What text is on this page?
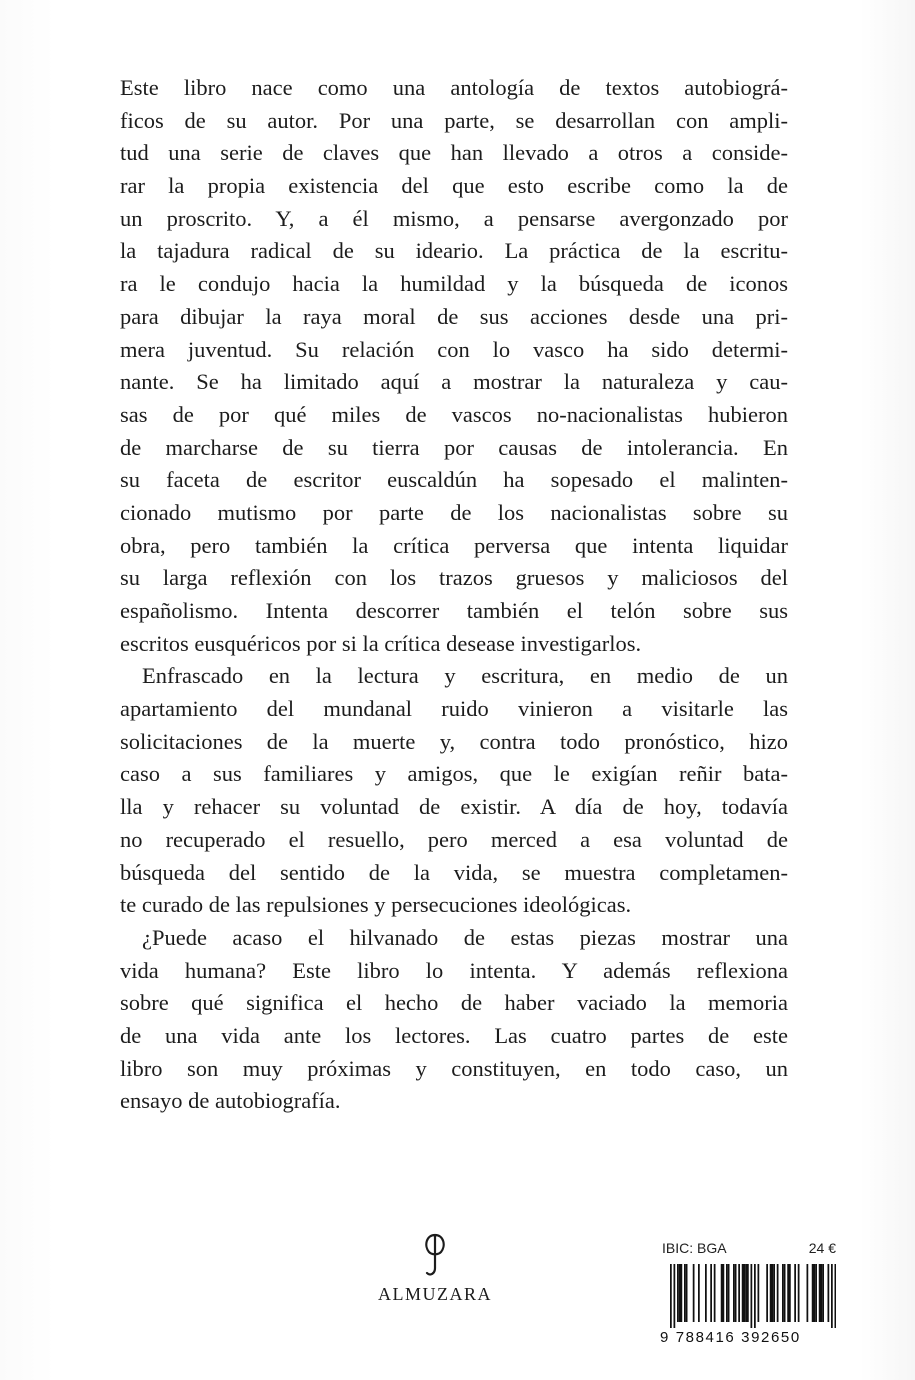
Este libro nace como una antología de textos autobiográ-
ficos de su autor. Por una parte, se desarrollan con ampli-
tud una serie de claves que han llevado a otros a conside-
rar la propia existencia del que esto escribe como la de
un proscrito. Y, a él mismo, a pensarse avergonzado por
la tajadura radical de su ideario. La práctica de la escritu-
ra le condujo hacia la humildad y la búsqueda de iconos
para dibujar la raya moral de sus acciones desde una pri-
mera juventud. Su relación con lo vasco ha sido determi-
nante. Se ha limitado aquí a mostrar la naturaleza y cau-
sas de por qué miles de vascos no-nacionalistas hubieron
de marcharse de su tierra por causas de intolerancia. En
su faceta de escritor euscaldún ha sopesado el malinten-
cionado mutismo por parte de los nacionalistas sobre su
obra, pero también la crítica perversa que intenta liquidar
su larga reflexión con los trazos gruesos y maliciosos del
españolismo. Intenta descorrer también el telón sobre sus
escritos eusquéricos por si la crítica desease investigarlos.
Enfrascado en la lectura y escritura, en medio de un
apartamiento del mundanal ruido vinieron a visitarle las
solicitaciones de la muerte y, contra todo pronóstico, hizo
caso a sus familiares y amigos, que le exigían reñir bata-
lla y rehacer su voluntad de existir. A día de hoy, todavía
no recuperado el resuello, pero merced a esa voluntad de
búsqueda del sentido de la vida, se muestra completamen-
te curado de las repulsiones y persecuciones ideológicas.
¿Puede acaso el hilvanado de estas piezas mostrar una
vida humana? Este libro lo intenta. Y además reflexiona
sobre qué significa el hecho de haber vaciado la memoria
de una vida ante los lectores. Las cuatro partes de este
libro son muy próximas y constituyen, en todo caso, un
ensayo de autobiografía.
ALMUZARA
IBIC: BGA	24 €
9 788416 392650
